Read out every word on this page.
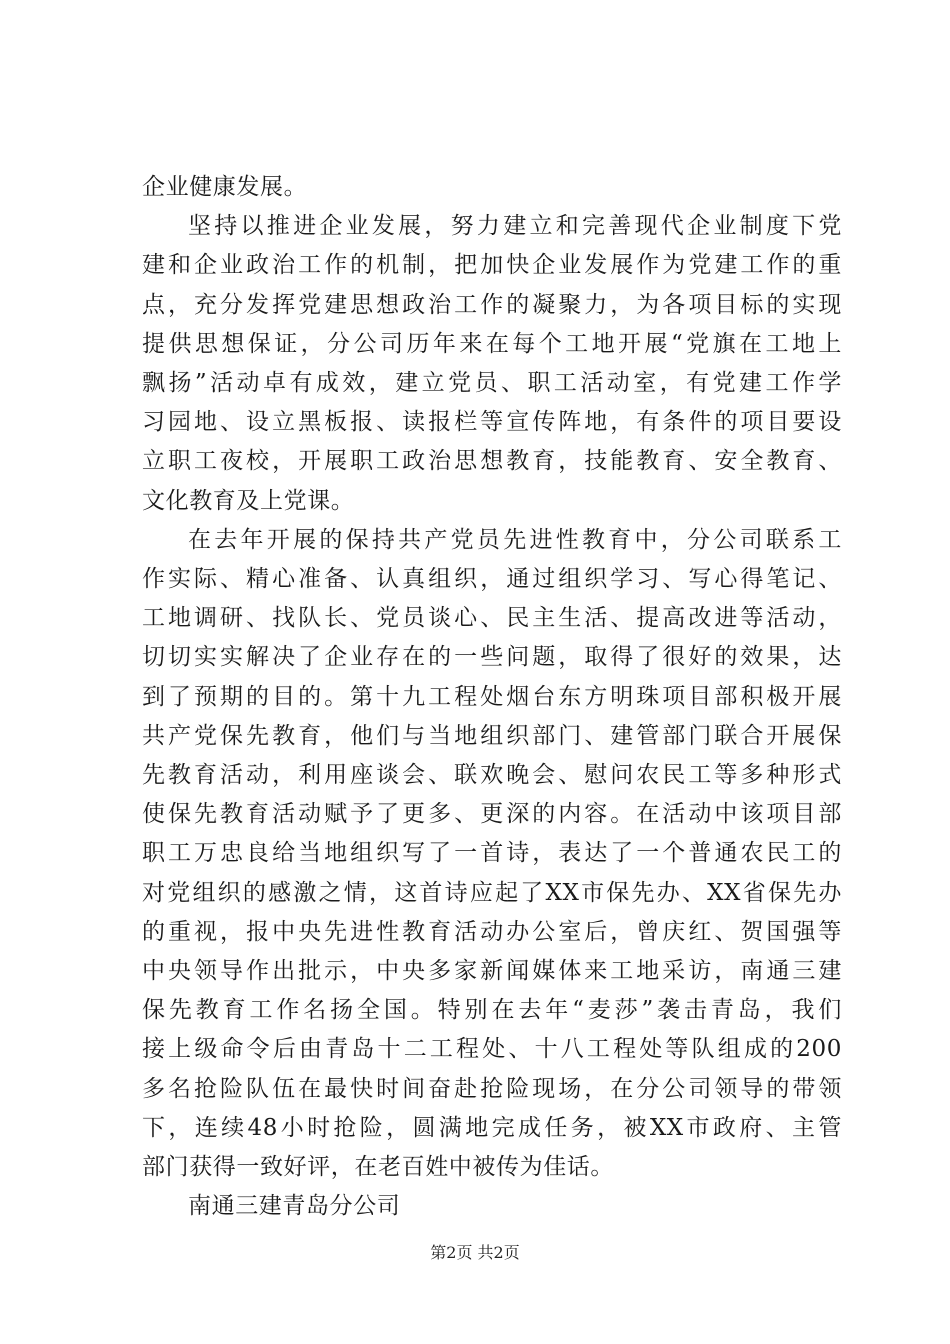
企业健康发展。
坚持以推进企业发展，努力建立和完善现代企业制度下党
建和企业政治工作的机制，把加快企业发展作为党建工作的重
点，充分发挥党建思想政治工作的凝聚力，为各项目标的实现
提供思想保证，分公司历年来在每个工地开展“党旗在工地上
飘扬”活动卓有成效，建立党员、职工活动室，有党建工作学
习园地、设立黑板报、读报栏等宣传阵地，有条件的项目要设
立职工夜校，开展职工政治思想教育，技能教育、安全教育、
文化教育及上党课。
在去年开展的保持共产党员先进性教育中，分公司联系工
作实际、精心准备、认真组织，通过组织学习、写心得笔记、
工地调研、找队长、党员谈心、民主生活、提高改进等活动，
切切实实解决了企业存在的一些问题，取得了很好的效果，达
到了预期的目的。第十九工程处烟台东方明珠项目部积极开展
共产党保先教育，他们与当地组织部门、建管部门联合开展保
先教育活动，利用座谈会、联欢晚会、慰问农民工等多种形式
使保先教育活动赋予了更多、更深的内容。在活动中该项目部
职工万忠良给当地组织写了一首诗，表达了一个普通农民工的
对党组织的感激之情，这首诗应起了XX市保先办、XX省保先办
的重视，报中央先进性教育活动办公室后，曾庆红、贺国强等
中央领导作出批示，中央多家新闻媒体来工地采访，南通三建
保先教育工作名扬全国。特别在去年“麦莎”袭击青岛，我们
接上级命令后由青岛十二工程处、十八工程处等队组成的200
多名抢险队伍在最快时间奋赴抢险现场，在分公司领导的带领
下，连续48小时抢险，圆满地完成任务，被XX市政府、主管
部门获得一致好评，在老百姓中被传为佳话。
南通三建青岛分公司
第2页 共2页
